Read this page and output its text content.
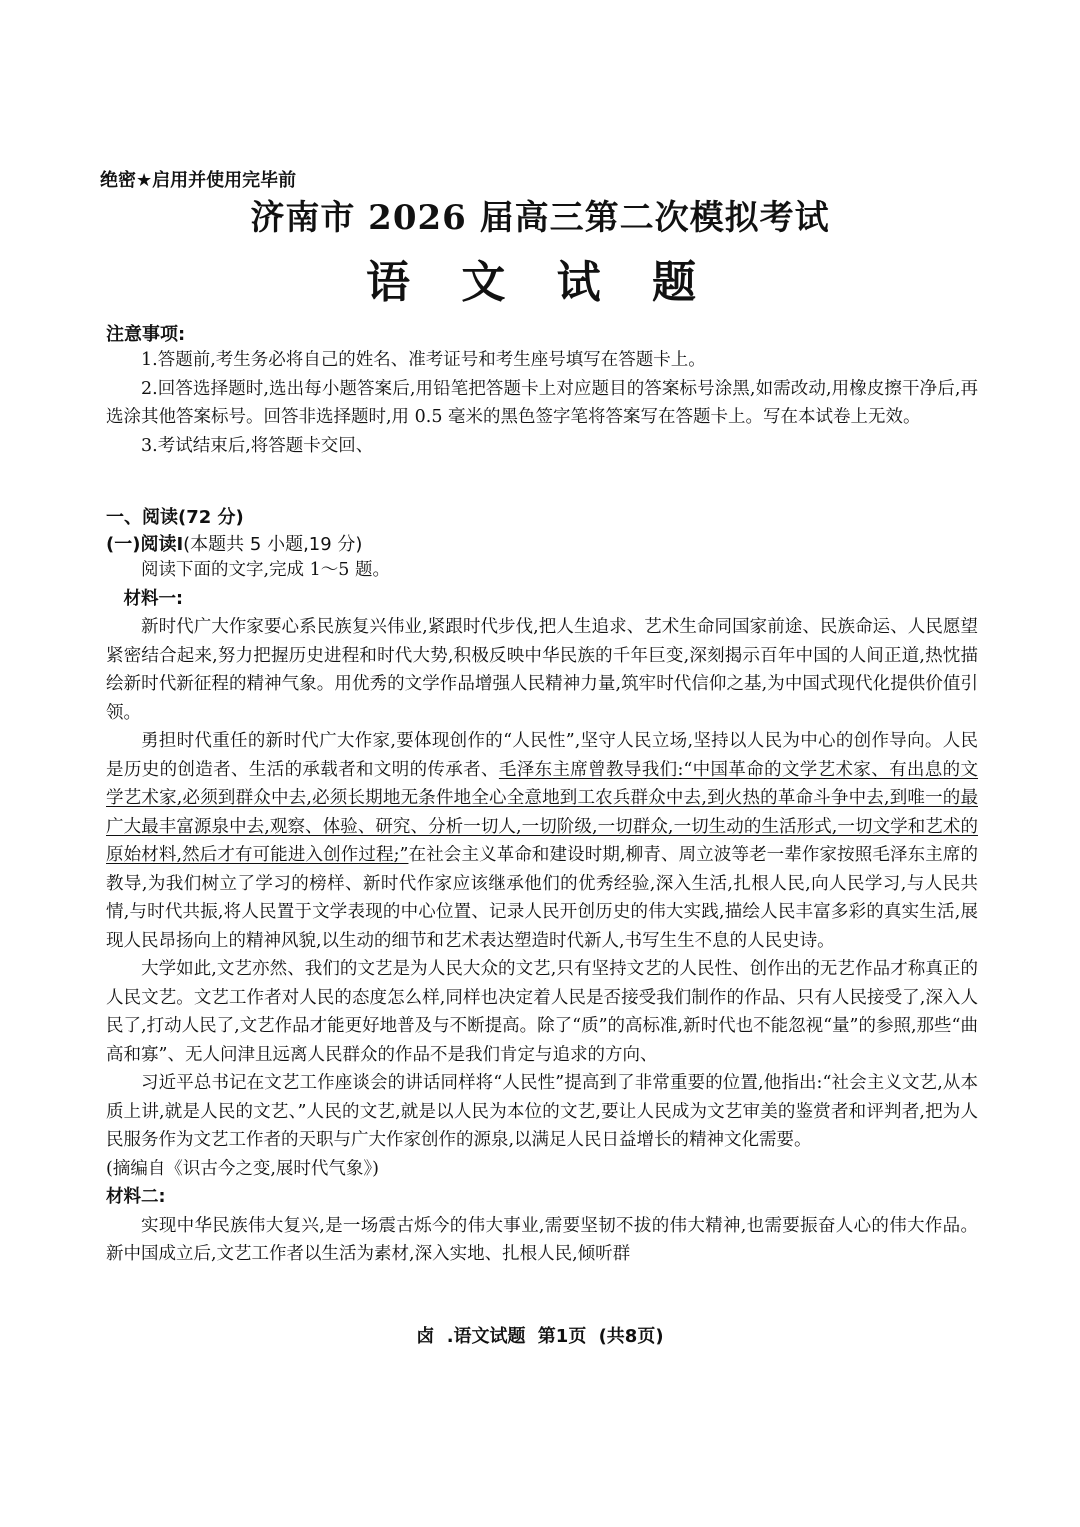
绝密★启用并使用完毕前
济南市 2026 届高三第二次模拟考试
语 文 试 题
注意事项:

1.答题前,考生务必将自己的姓名、准考证号和考生座号填写在答题卡上。

2.回答选择题时,选出每小题答案后,用铅笔把答题卡上对应题目的答案标号涂黑,如需改动,用橡皮擦干净后,再选涂其他答案标号。回答非选择题时,用 0.5 毫米的黑色签字笔将答案写在答题卡上。写在本试卷上无效。

3.考试结束后,将答题卡交回、

一、阅读(72 分)
(一)阅读Ⅰ(本题共 5 小题,19 分)

阅读下面的文字,完成 1～5 题。

材料一:

新时代广大作家要心系民族复兴伟业,紧跟时代步伐,把人生追求、艺术生命同国家前途、民族命运、人民愿望紧密结合起来,努力把握历史进程和时代大势,积极反映中华民族的千年巨变,深刻揭示百年中国的人间正道,热忱描绘新时代新征程的精神气象。用优秀的文学作品增强人民精神力量,筑牢时代信仰之基,为中国式现代化提供价值引领。

勇担时代重任的新时代广大作家,要体现创作的“人民性”,坚守人民立场,坚持以人民为中心的创作导向。人民是历史的创造者、生活的承载者和文明的传承者、毛泽东主席曾教导我们:“中国革命的文学艺术家、有出息的文学艺术家,必须到群众中去,必须长期地无条件地全心全意地到工农兵群众中去,到火热的革命斗争中去,到唯一的最广大最丰富源泉中去,观察、体验、研究、分析一切人,一切阶级,一切群众,一切生动的生活形式,一切文学和艺术的原始材料,然后才有可能进入创作过程;”在社会主义革命和建设时期,柳青、周立波等老一辈作家按照毛泽东主席的教导,为我们树立了学习的榜样、新时代作家应该继承他们的优秀经验,深入生活,扎根人民,向人民学习,与人民共情,与时代共振,将人民置于文学表现的中心位置、记录人民开创历史的伟大实践,描绘人民丰富多彩的真实生活,展现人民昂扬向上的精神风貌,以生动的细节和艺术表达塑造时代新人,书写生生不息的人民史诗。

大学如此,文艺亦然、我们的文艺是为人民大众的文艺,只有坚持文艺的人民性、创作出的无艺作品才称真正的人民文艺。文艺工作者对人民的态度怎么样,同样也决定着人民是否接受我们制作的作品、只有人民接受了,深入人民了,打动人民了,文艺作品才能更好地普及与不断提高。除了“质”的高标准,新时代也不能忽视“量”的参照,那些“曲高和寡”、无人问津且远离人民群众的作品不是我们肯定与追求的方向、

习近平总书记在文艺工作座谈会的讲话同样将“人民性”提高到了非常重要的位置,他指出:“社会主义文艺,从本质上讲,就是人民的文艺、”人民的文艺,就是以人民为本位的文艺,要让人民成为文艺审美的鉴赏者和评判者,把为人民服务作为文艺工作者的天职与广大作家创作的源泉,以满足人民日益增长的精神文化需要。

(摘编自《识古今之变,展时代气象》)

材料二:

实现中华民族伟大复兴,是一场震古烁今的伟大事业,需要坚韧不拔的伟大精神,也需要振奋人心的伟大作品。新中国成立后,文艺工作者以生活为素材,深入实地、扎根人民,倾听群

卤 .语文试题 第1页 (共8页)
